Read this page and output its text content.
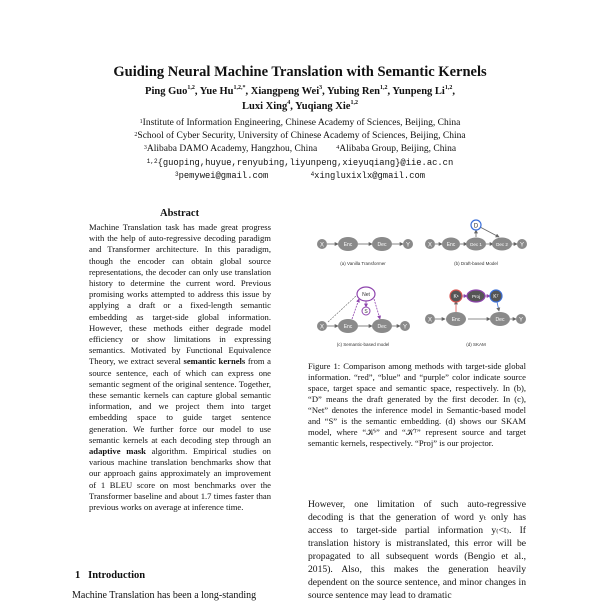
Guiding Neural Machine Translation with Semantic Kernels
Ping Guo$^{1,2}$, Yue $Hu^{1,2,*}$, Xiangpeng Wei$^3$, Yubing Ren$^{1,2}$, Yunpeng Li$^{1,2}$,
Luxi Xing$^4$, Yuqiang Xie$^{1,2}$
$^1$Institute of Information Engineering, Chinese Academy of Sciences, Beijing, China
$^2$School of Cyber Security, University of Chinese Academy of Sciences, Beijing, China
$^3$Alibaba DAMO Academy, Hangzhou, China	$^4$Alibaba Group, Beijing, China
$^{1,2}${guoping,huyue,renyubing,liyunpeng,xieyuqiang}@iie.ac.cn
$^3$pemywei@gmail.com	$^4$xingluxixlx@gmail.com
Abstract
Machine Translation task has made great progress with the help of auto-regressive decoding paradigm and Transformer architecture. In this paradigm, though the encoder can obtain global source representations, the decoder can only use translation history to determine the current word. Previous promising works attempted to address this issue by applying a draft or a fixed-length semantic embedding as target-side global information. However, these methods either degrade model efficiency or show limitations in expressing semantics. Motivated by Functional Equivalence Theory, we extract several semantic kernels from a source sentence, each of which can express one semantic segment of the original sentence. Together, these semantic kernels can capture global semantic information, and we project them into target embedding space to guide target sentence generation. We further force our model to use semantic kernels at each decoding step through an adaptive mask algorithm. Empirical studies on various machine translation benchmarks show that our approach gains approximately an improvement of 1 BLEU score on most benchmarks over the Transformer baseline and about 1.7 times faster than previous works on average at inference time.
1 Introduction
Machine Translation has been a long-standing
X	Enc	Dec	Y
(a) Vanilla Transformer
X	Enc	Dec 1	Dec 2 Y
D
(b) Draft-based Model
X	Enc	Dec	Y
Net
S
(c) Semantic-based model
X	Enc	Dec Y
Kˢ	Proj	Kᵀ
(d) SKAM
Figure 1: Comparison among methods with target-side global information. “red”, “blue” and “purple” color indicate source space, target space and semantic space, respectively. In (b), “D” means the draft generated by the first decoder. In (c), “Net” denotes the inference model in Semantic-based model and “S” is the semantic embedding. (d) shows our SKAM model, where “𝒦ˢ” and “𝒦ᵀ” represent source and target semantic kernels, respectively. “Proj” is our projector.
However, one limitation of such auto-regressive decoding is that the generation of word yₜ only has access to target-side partial information y₍<t₎. If translation history is mistranslated, this error will be propagated to all subsequent words (Bengio et al., 2015). Also, this makes the generation heavily dependent on the source sentence, and minor changes in source sentence may lead to dramatic
